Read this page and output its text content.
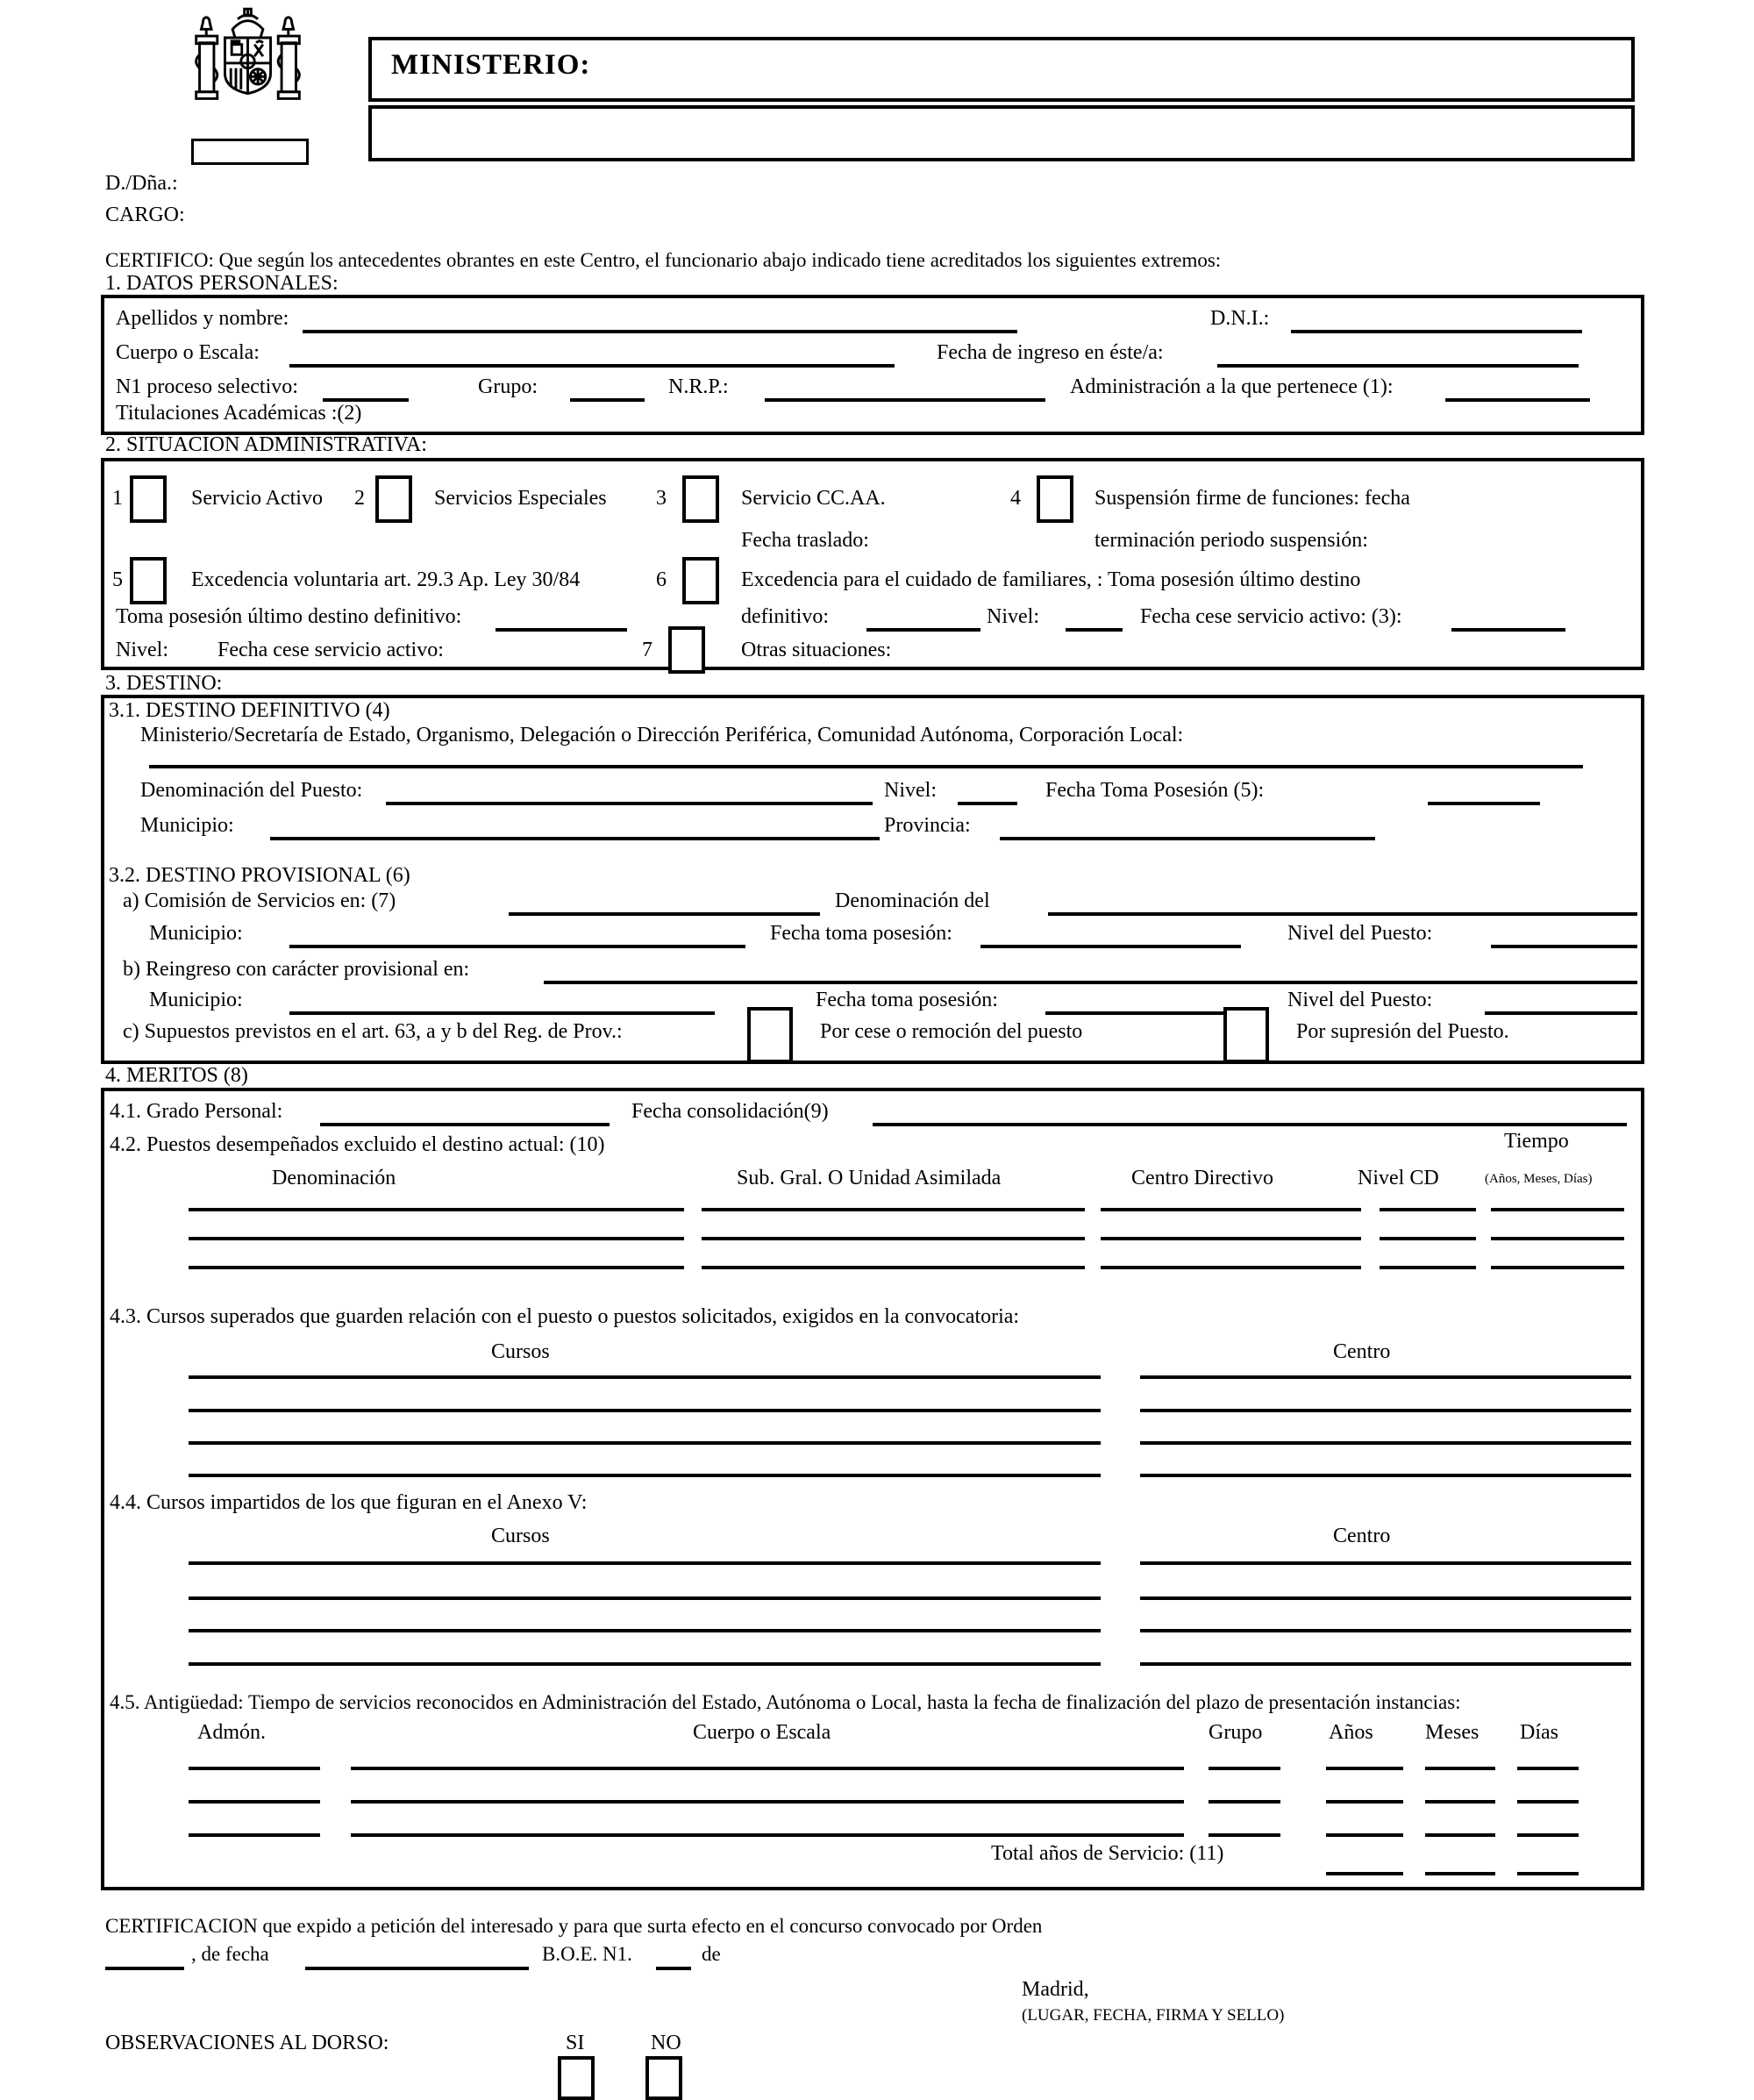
MINISTERIO:
D./Dña.:
CARGO:
CERTIFICO: Que según los antecedentes obrantes en este Centro, el funcionario abajo indicado tiene acreditados los siguientes extremos:
1. DATOS PERSONALES:
Apellidos y nombre:	D.N.I.:
Cuerpo o Escala:	Fecha de ingreso en éste/a:
N1 proceso selectivo:	Grupo:	N.R.P.:	Administración a la que pertenece (1):
Titulaciones Académicas :(2)
2. SITUACION ADMINISTRATIVA:
1	Servicio Activo 2	Servicios Especiales 3	Servicio CC.AA.
Fecha traslado:
4	Suspensión firme de funciones: fecha
terminación periodo suspensión:
5	Excedencia voluntaria art. 29.3 Ap. Ley 30/84	6	Excedencia para el cuidado de familiares, : Toma posesión último destino
Toma posesión último destino definitivo:	definitivo:	Nivel:	Fecha cese servicio activo: (3):
Nivel: Fecha cese servicio activo:	7	Otras situaciones:
3. DESTINO:
3.1. DESTINO DEFINITIVO (4)
Ministerio/Secretaría de Estado, Organismo, Delegación o Dirección Periférica, Comunidad Autónoma, Corporación Local:
Denominación del Puesto:	Nivel:	Fecha Toma Posesión (5):
Municipio:	Provincia:
3.2. DESTINO PROVISIONAL (6)
a) Comisión de Servicios en: (7)	Denominación del
Municipio:	Fecha toma posesión:	Nivel del Puesto:
b) Reingreso con carácter provisional en:
Municipio:	Fecha toma posesión:	Nivel del Puesto:
c) Supuestos previstos en el art. 63, a y b del Reg. de Prov.:	Por cese o remoción del puesto	Por supresión del Puesto.
4. MERITOS (8)
4.1. Grado Personal:	Fecha consolidación(9)
4.2. Puestos desempeñados excluido el destino actual: (10)	Tiempo
Denominación	Sub. Gral. O Unidad Asimilada	Centro Directivo	Nivel CD	(Años, Meses, Días)
4.3. Cursos superados que guarden relación con el puesto o puestos solicitados, exigidos en la convocatoria:
Cursos	Centro
4.4. Cursos impartidos de los que figuran en el Anexo V:
Cursos	Centro
4.5. Antigüedad: Tiempo de servicios reconocidos en Administración del Estado, Autónoma o Local, hasta la fecha de finalización del plazo de presentación instancias:
Admón.	Cuerpo o Escala	Grupo	Años Meses Días
Total años de Servicio: (11)
CERTIFICACION que expido a petición del interesado y para que surta efecto en el concurso convocado por Orden
, de fecha	B.O.E. N1.	de
Madrid,
(LUGAR, FECHA, FIRMA Y SELLO)
OBSERVACIONES AL DORSO:	SI	NO
